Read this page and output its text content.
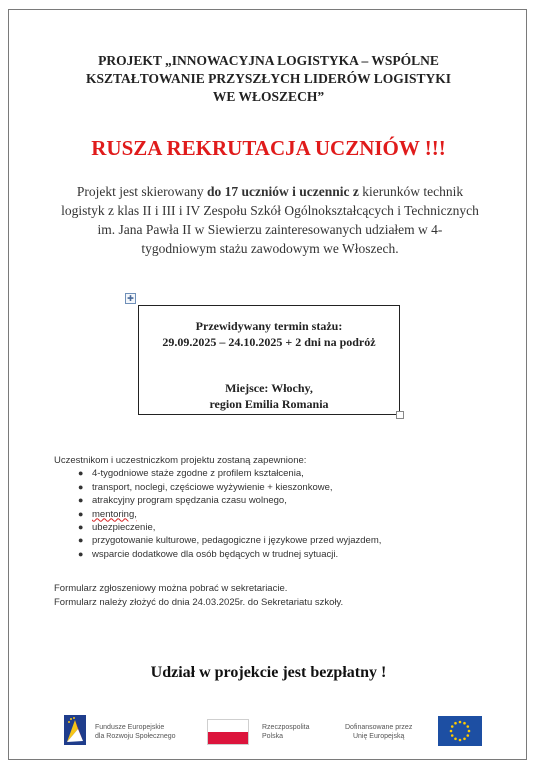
PROJEKT „INNOWACYJNA LOGISTYKA – WSPÓLNE
KSZTAŁTOWANIE PRZYSZŁYCH LIDERÓW LOGISTYKI
WE WŁOSZECH”
RUSZA REKRUTACJA UCZNIÓW !!!
Projekt jest skierowany do 17 uczniów i uczennic z kierunków technik
logistyk z klas II i III i IV Zespołu Szkół Ogólnokształcących i Technicznych
im. Jana Pawła II w Siewierzu zainteresowanych udziałem w 4-
tygodniowym stażu zawodowym we Włoszech.
✚
Przewidywany termin stażu:
29.09.2025 – 24.10.2025 + 2 dni na podróż
Miejsce: Włochy,
region Emilia Romania
Uczestnikom i uczestniczkom projektu zostaną zapewnione:
● 4-tygodniowe staże zgodne z profilem kształcenia,
● transport, noclegi, częściowe wyżywienie + kieszonkowe,
● atrakcyjny program spędzania czasu wolnego,
● mentoring,
● ubezpieczenie,
● przygotowanie kulturowe, pedagogiczne i językowe przed wyjazdem,
● wsparcie dodatkowe dla osób będących w trudnej sytuacji.
Formularz zgłoszeniowy można pobrać w sekretariacie.
Formularz należy złożyć do dnia 24.03.2025r. do Sekretariatu szkoły.
Udział w projekcie jest bezpłatny !
Fundusze Europejskie
dla Rozwoju Społecznego
Rzeczpospolita
Polska
Dofinansowane przez
Unię Europejską
